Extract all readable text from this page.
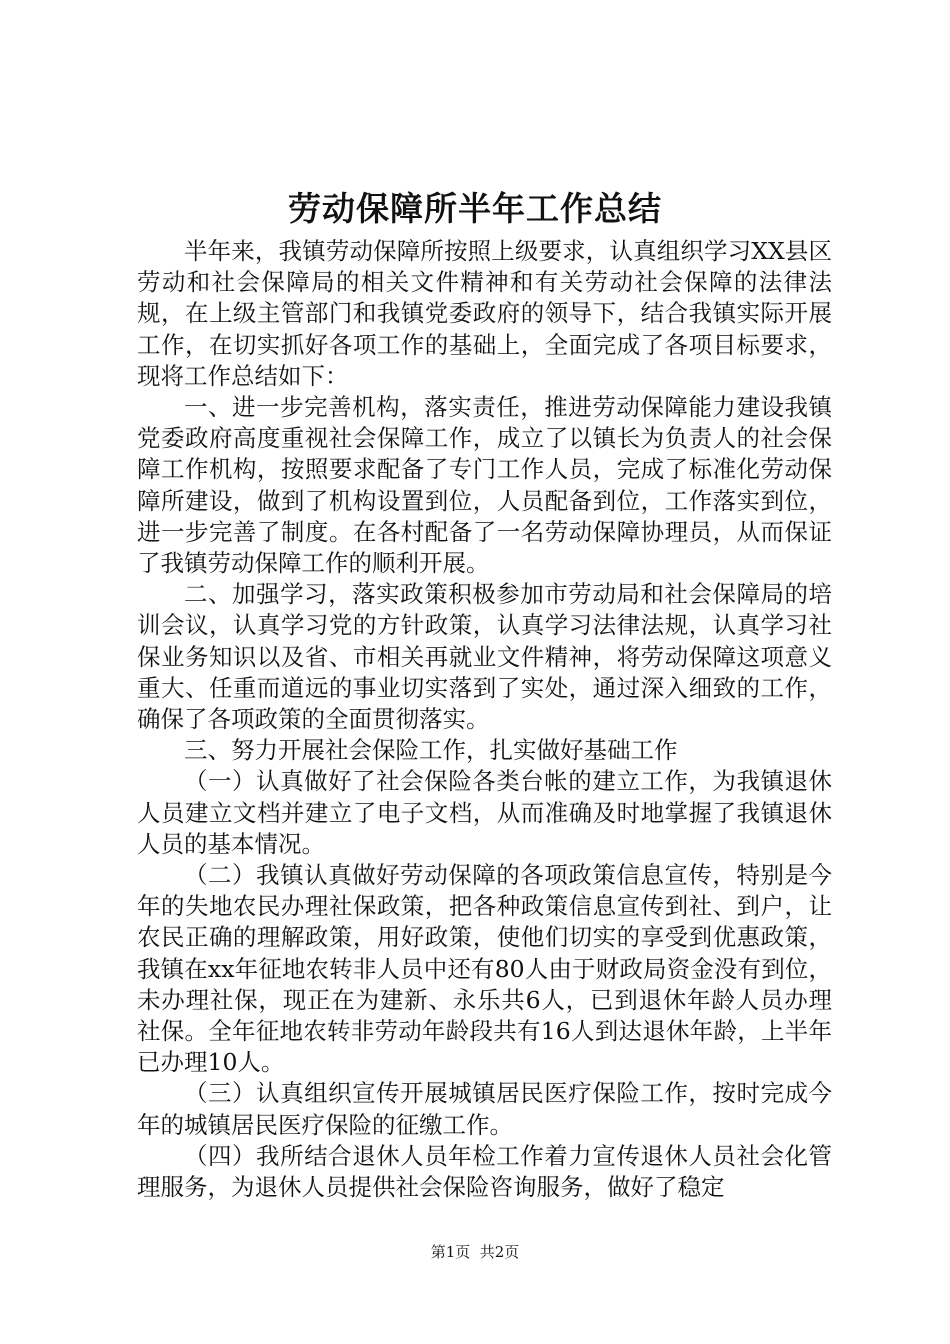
劳动保障所半年工作总结

半年来，我镇劳动保障所按照上级要求，认真组织学习XX县区劳动和社会保障局的相关文件精神和有关劳动社会保障的法律法规，在上级主管部门和我镇党委政府的领导下，结合我镇实际开展工作，在切实抓好各项工作的基础上，全面完成了各项目标要求，现将工作总结如下：

一、进一步完善机构，落实责任，推进劳动保障能力建设我镇党委政府高度重视社会保障工作，成立了以镇长为负责人的社会保障工作机构，按照要求配备了专门工作人员，完成了标准化劳动保障所建设，做到了机构设置到位，人员配备到位，工作落实到位，进一步完善了制度。在各村配备了一名劳动保障协理员，从而保证了我镇劳动保障工作的顺利开展。

二、加强学习，落实政策积极参加市劳动局和社会保障局的培训会议，认真学习党的方针政策，认真学习法律法规，认真学习社保业务知识以及省、市相关再就业文件精神，将劳动保障这项意义重大、任重而道远的事业切实落到了实处，通过深入细致的工作，确保了各项政策的全面贯彻落实。

三、努力开展社会保险工作，扎实做好基础工作

（一）认真做好了社会保险各类台帐的建立工作，为我镇退休人员建立文档并建立了电子文档，从而准确及时地掌握了我镇退休人员的基本情况。

（二）我镇认真做好劳动保障的各项政策信息宣传，特别是今年的失地农民办理社保政策，把各种政策信息宣传到社、到户，让农民正确的理解政策，用好政策，使他们切实的享受到优惠政策，我镇在xx年征地农转非人员中还有80人由于财政局资金没有到位，未办理社保，现正在为建新、永乐共6人，已到退休年龄人员办理社保。全年征地农转非劳动年龄段共有16人到达退休年龄，上半年已办理10人。

（三）认真组织宣传开展城镇居民医疗保险工作，按时完成今年的城镇居民医疗保险的征缴工作。

（四）我所结合退休人员年检工作着力宣传退休人员社会化管理服务，为退休人员提供社会保险咨询服务，做好了稳定

第1页  共2页
